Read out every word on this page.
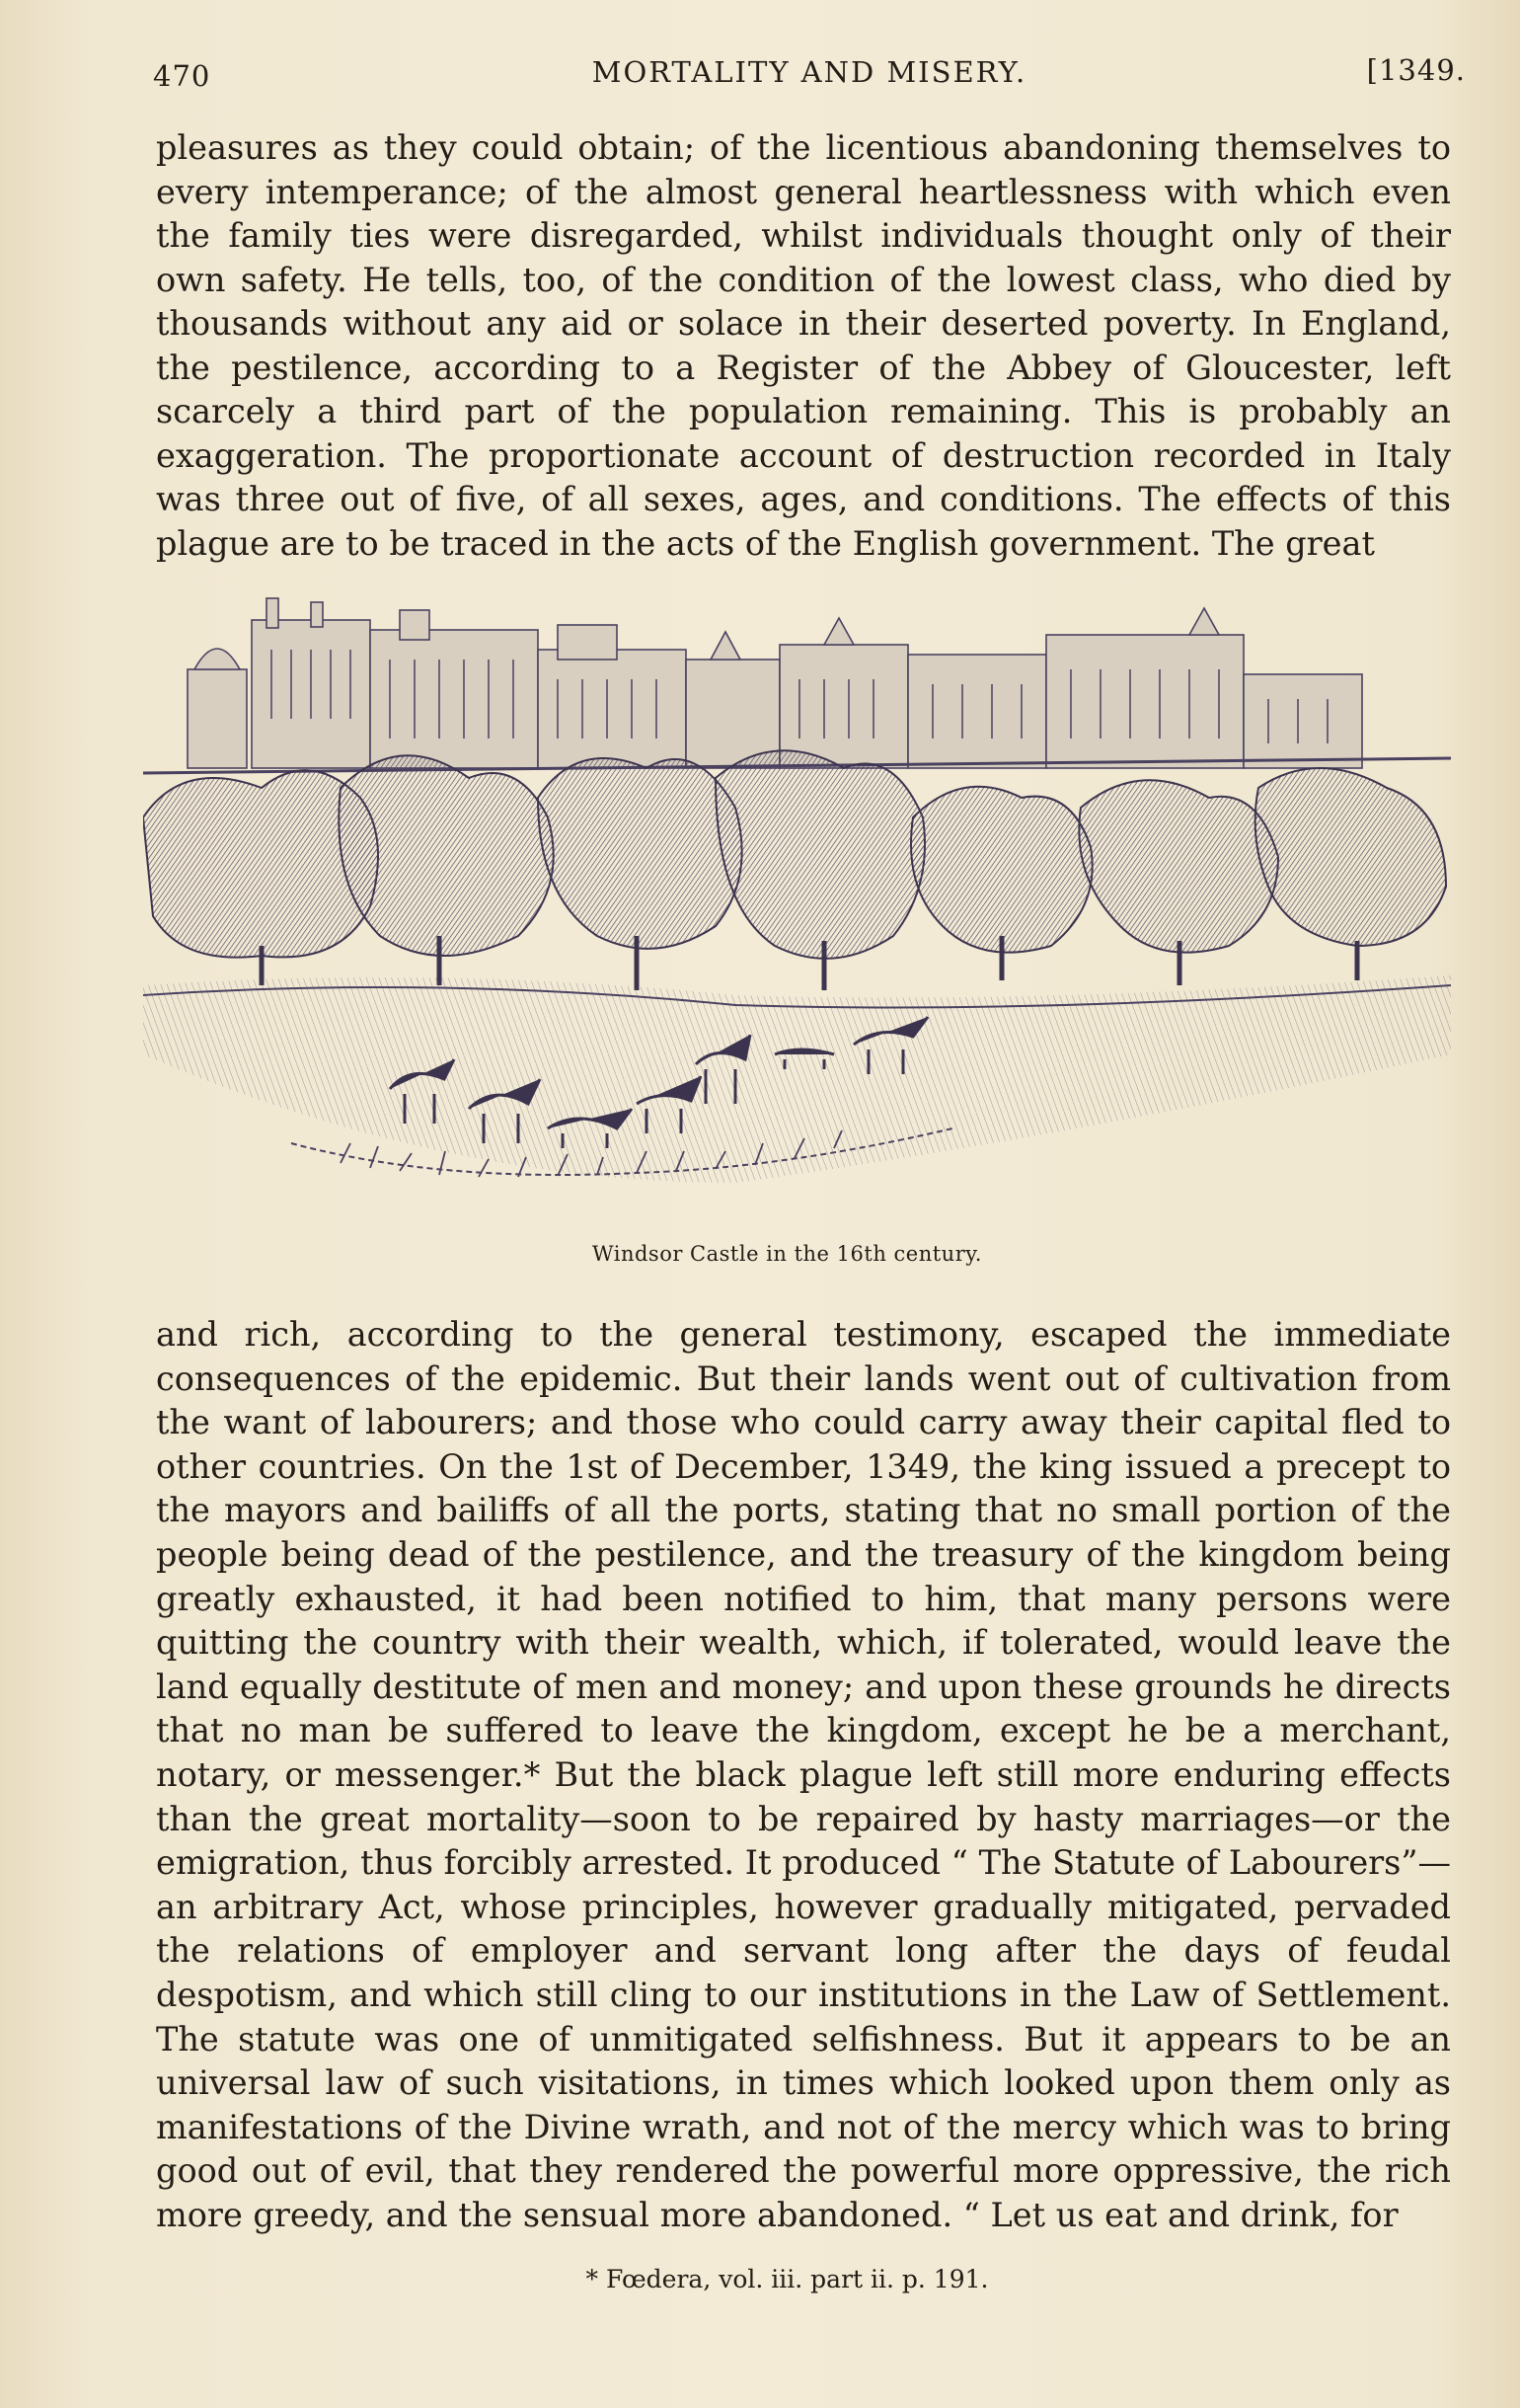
470	MORTALITY AND MISERY.	[1349.
pleasures as they could obtain; of the licentious abandoning themselves to every intemperance; of the almost general heartlessness with which even the family ties were disregarded, whilst individuals thought only of their own safety. He tells, too, of the condition of the lowest class, who died by thousands without any aid or solace in their deserted poverty. In England, the pestilence, according to a Register of the Abbey of Gloucester, left scarcely a third part of the population remaining. This is probably an exaggeration. The proportionate account of destruction recorded in Italy was three out of five, of all sexes, ages, and conditions. The effects of this plague are to be traced in the acts of the English government. The great
Windsor Castle in the 16th century.
and rich, according to the general testimony, escaped the immediate consequences of the epidemic. But their lands went out of cultivation from the want of labourers; and those who could carry away their capital fled to other countries. On the 1st of December, 1349, the king issued a precept to the mayors and bailiffs of all the ports, stating that no small portion of the people being dead of the pestilence, and the treasury of the kingdom being greatly exhausted, it had been notified to him, that many persons were quitting the country with their wealth, which, if tolerated, would leave the land equally destitute of men and money; and upon these grounds he directs that no man be suffered to leave the kingdom, except he be a merchant, notary, or messenger.* But the black plague left still more enduring effects than the great mortality—soon to be repaired by hasty marriages—or the emigration, thus forcibly arrested. It produced “ The Statute of Labourers”—an arbitrary Act, whose principles, however gradually mitigated, pervaded the relations of employer and servant long after the days of feudal despotism, and which still cling to our institutions in the Law of Settlement. The statute was one of unmitigated selfishness. But it appears to be an universal law of such visitations, in times which looked upon them only as manifestations of the Divine wrath, and not of the mercy which was to bring good out of evil, that they rendered the powerful more oppressive, the rich more greedy, and the sensual more abandoned. “ Let us eat and drink, for
* Fœdera, vol. iii. part ii. p. 191.
